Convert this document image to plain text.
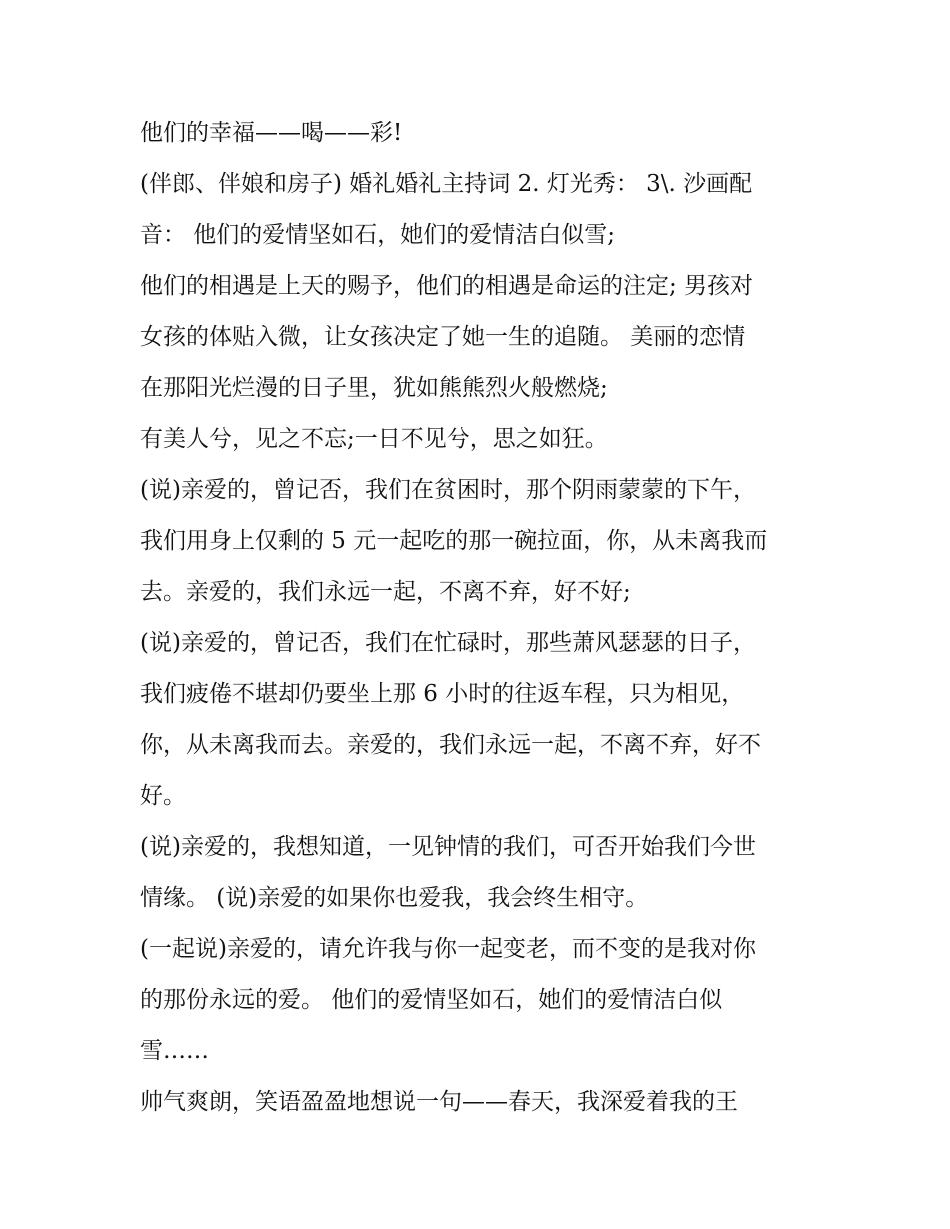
他们的幸福——喝——彩!
(伴郎、伴娘和房子) 婚礼婚礼主持词 2. 灯光秀： 3\. 沙画配
音： 他们的爱情坚如石，她们的爱情洁白似雪;
他们的相遇是上天的赐予，他们的相遇是命运的注定; 男孩对
女孩的体贴入微，让女孩决定了她一生的追随。 美丽的恋情
在那阳光烂漫的日子里，犹如熊熊烈火般燃烧;
有美人兮，见之不忘;一日不见兮，思之如狂。
(说)亲爱的，曾记否，我们在贫困时，那个阴雨蒙蒙的下午，
我们用身上仅剩的 5 元一起吃的那一碗拉面，你，从未离我而
去。亲爱的，我们永远一起，不离不弃，好不好;
(说)亲爱的，曾记否，我们在忙碌时，那些萧风瑟瑟的日子，
我们疲倦不堪却仍要坐上那 6 小时的往返车程，只为相见，
你，从未离我而去。亲爱的，我们永远一起，不离不弃，好不
好。
(说)亲爱的，我想知道，一见钟情的我们，可否开始我们今世
情缘。 (说)亲爱的如果你也爱我，我会终生相守。
(一起说)亲爱的，请允许我与你一起变老，而不变的是我对你
的那份永远的爱。 他们的爱情坚如石，她们的爱情洁白似
雪……
帅气爽朗，笑语盈盈地想说一句——春天，我深爱着我的王
